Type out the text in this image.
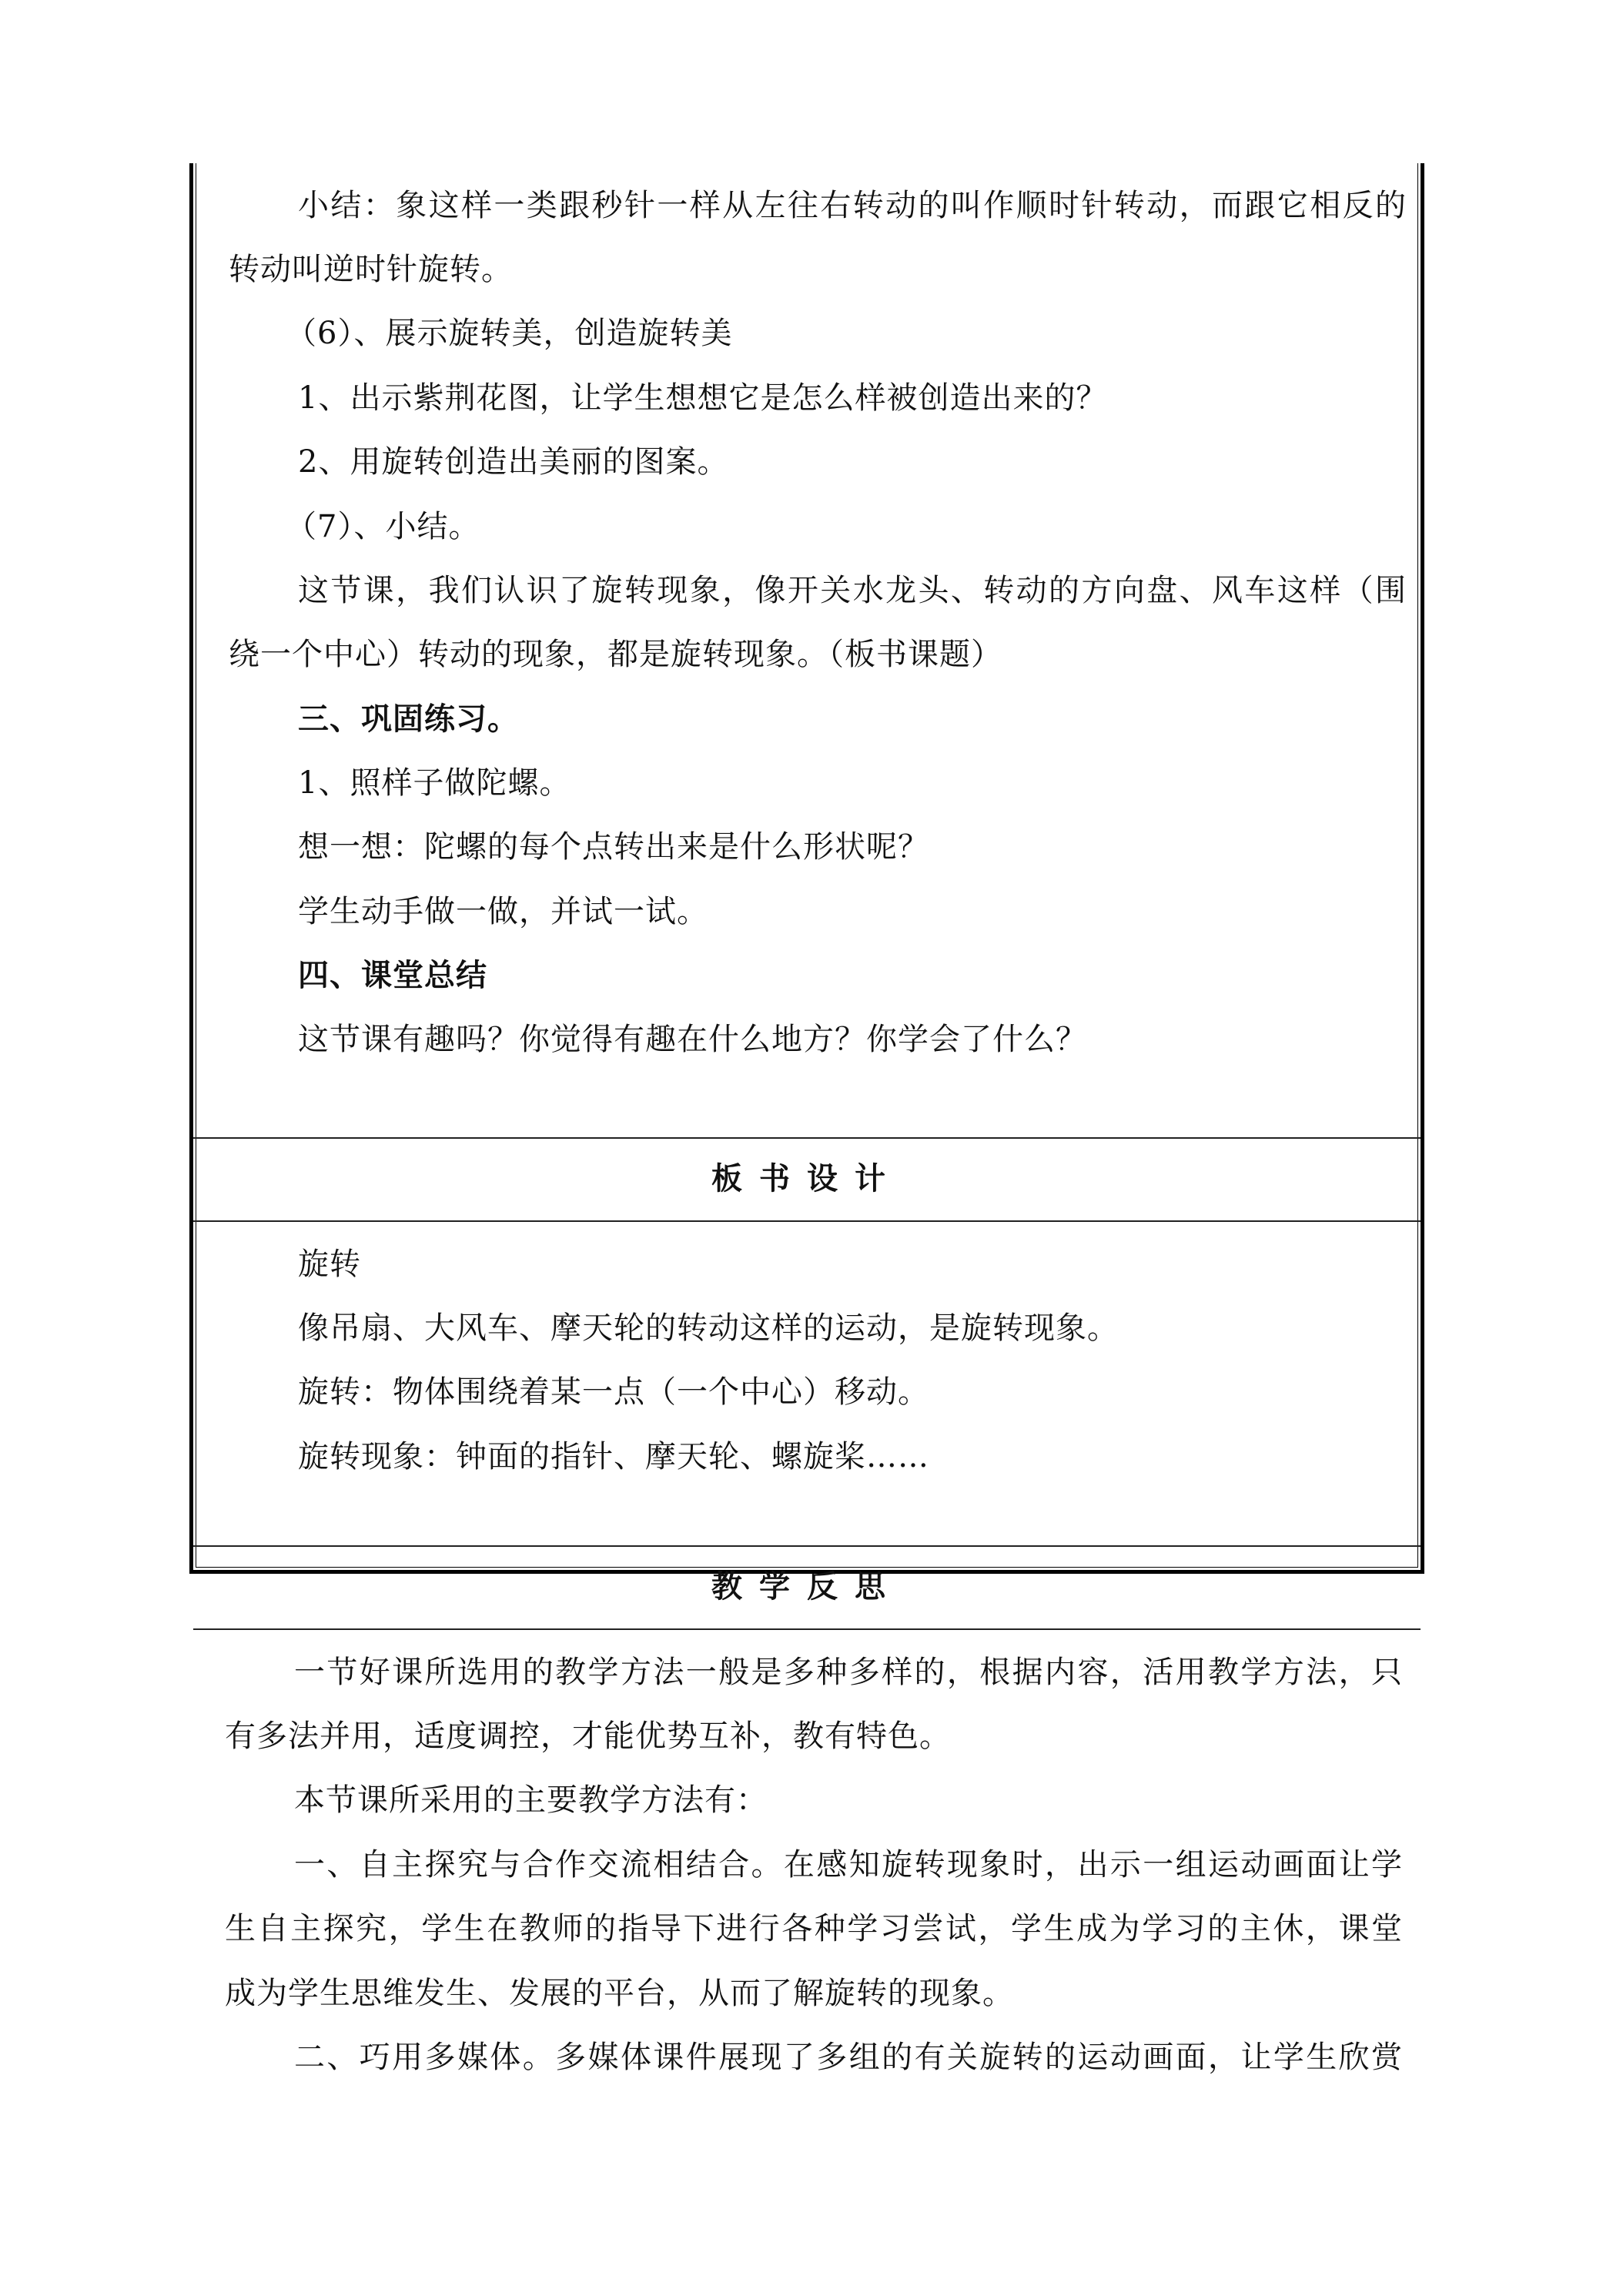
小结：象这样一类跟秒针一样从左往右转动的叫作顺时针转动，而跟它相反的
转动叫逆时针旋转。
（6）、展示旋转美，创造旋转美
1、出示紫荆花图，让学生想想它是怎么样被创造出来的？
2、用旋转创造出美丽的图案。
（7）、小结。
这节课，我们认识了旋转现象，像开关水龙头、转动的方向盘、风车这样（围
绕一个中心）转动的现象，都是旋转现象。（板书课题）
三、巩固练习。
1、照样子做陀螺。
想一想：陀螺的每个点转出来是什么形状呢？
学生动手做一做，并试一试。
四、课堂总结
这节课有趣吗？你觉得有趣在什么地方？你学会了什么？
板书设计
旋转
像吊扇、大风车、摩天轮的转动这样的运动，是旋转现象。
旋转：物体围绕着某一点（一个中心）移动。
旋转现象：钟面的指针、摩天轮、螺旋桨……
教学反思
一节好课所选用的教学方法一般是多种多样的，根据内容，活用教学方法，只
有多法并用，适度调控，才能优势互补，教有特色。
本节课所采用的主要教学方法有：
一、自主探究与合作交流相结合。在感知旋转现象时，出示一组运动画面让学
生自主探究，学生在教师的指导下进行各种学习尝试，学生成为学习的主休，课堂
成为学生思维发生、发展的平台，从而了解旋转的现象。
二、巧用多媒体。多媒体课件展现了多组的有关旋转的运动画面，让学生欣赏
